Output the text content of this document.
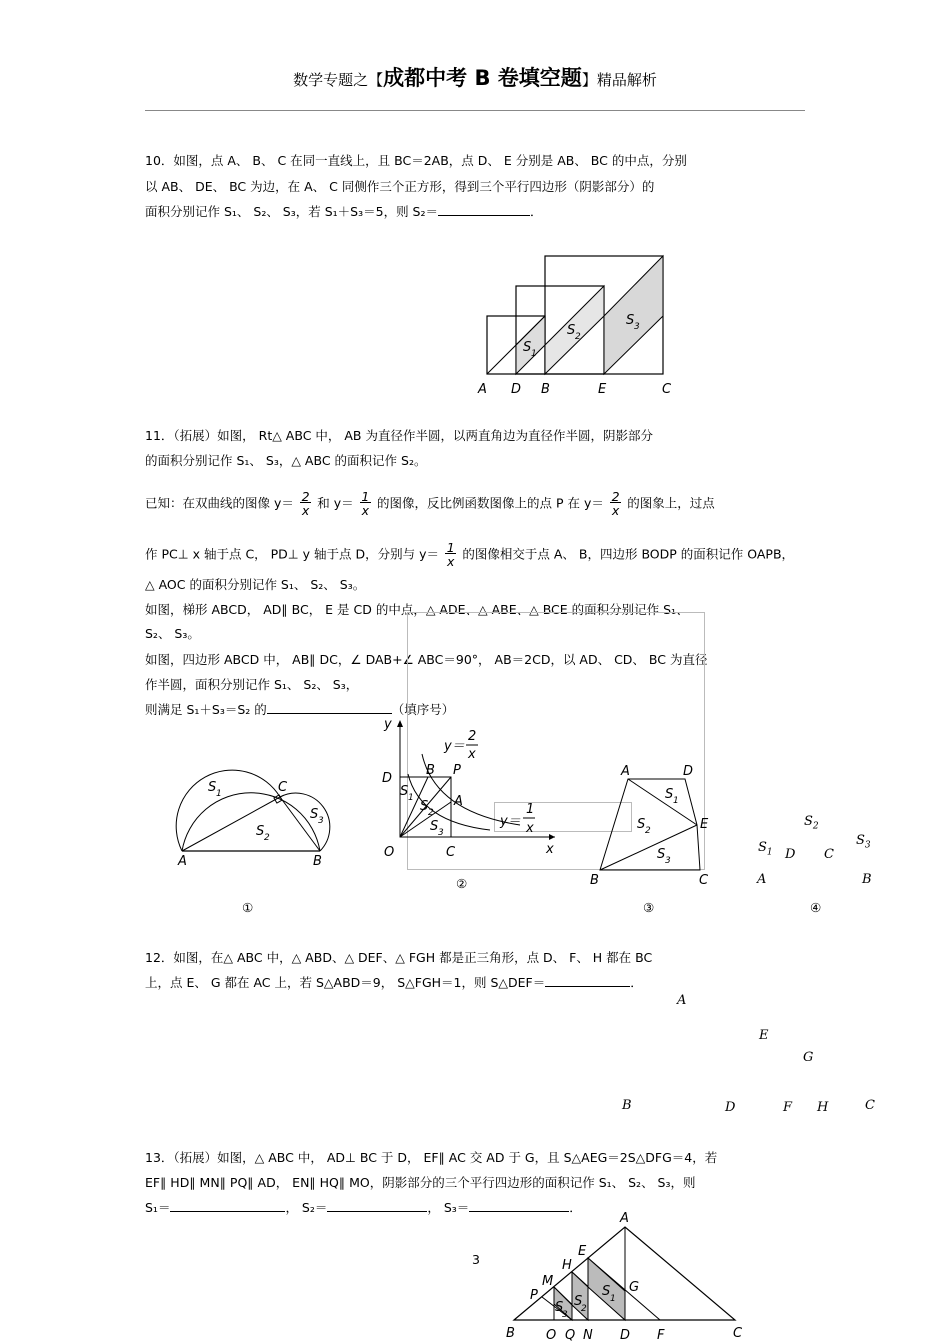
数学专题之【成都中考 B 卷填空题】精品解析
10．如图，点 A、 B、 C 在同一直线上，且 BC＝2AB，点 D、 E 分别是 AB、 BC 的中点，分别
以 AB、 DE、 BC 为边，在 A、 C 同侧作三个正方形，得到三个平行四边形（阴影部分）的
面积分别记作 S₁、 S₂、 S₃，若 S₁＋S₃＝5，则 S₂＝	．
A D B	E	C
S 1
S 2
S 3
11．（拓展）如图， Rt△ ABC 中， AB 为直径作半圆，以两直角边为直径作半圆，阴影部分
的面积分别记作 S₁、 S₃，△ ABC 的面积记作 S₂。
已知：在双曲线的图像 $y= \frac{2}{x}$ 和 $y= \frac{1}{x}$ 的图像，反比例函数图像上的点 P 在 $y= \frac{2}{x}$ 的图象上，过点
作 PC⊥ x 轴于点 C， PD⊥ y 轴于点 D，分别与 $y= \frac{1}{x}$ 的图像相交于点 A、 B，四边形 BODP 的面积记作 OAPB，
△ AOC 的面积分别记作 S₁、 S₂、 S₃。
如图，梯形 ABCD， AD∥ BC， E 是 CD 的中点，△ ADE、△ ABE、△ BCE 的面积分别记作 S₁、
S₂、 S₃。
如图，四边形 ABCD 中， AB∥ DC，∠ DAB+∠ ABC＝90°， AB＝2CD，以 AD、 CD、 BC 为直径
作半圆，面积分别记作 S₁、 S₂、 S₃，
则满足 S₁＋S₃＝S₂ 的	（填序号）
A	B
C
S 1
S 2
S 3
y
x
O
D
B P
A
C
y＝
2
x
y＝
1
x
S 1
S 2
S 3
A	D
E
B	C
S 1
S 2
S 3
$S_2$
$S_3$
$S_1$ D C
A	B
②
①	③	④
12．如图，在△ ABC 中，△ ABD、△ DEF、△ FGH 都是正三角形，点 D、 F、 H 都在 BC
上，点 E、 G 都在 AC 上，若 S△ABD＝9， S△FGH＝1，则 S△DEF＝	．
A
E
G
B	D	F H	C
13．（拓展）如图，△ ABC 中， AD⊥ BC 于 D， EF∥ AC 交 AD 于 G，且 S△AEG＝2S△DFG＝4，若
EF∥ HD∥ MN∥ PQ∥ AD， EN∥ HQ∥ MO，阴影部分的三个平行四边形的面积记作 S₁、 S₂、 S₃，则
S₁＝	， S₂＝	， S₃＝	．
3
A
E
H
M
P
G
S 1
S
2
S
3
B O Q N D F	C
